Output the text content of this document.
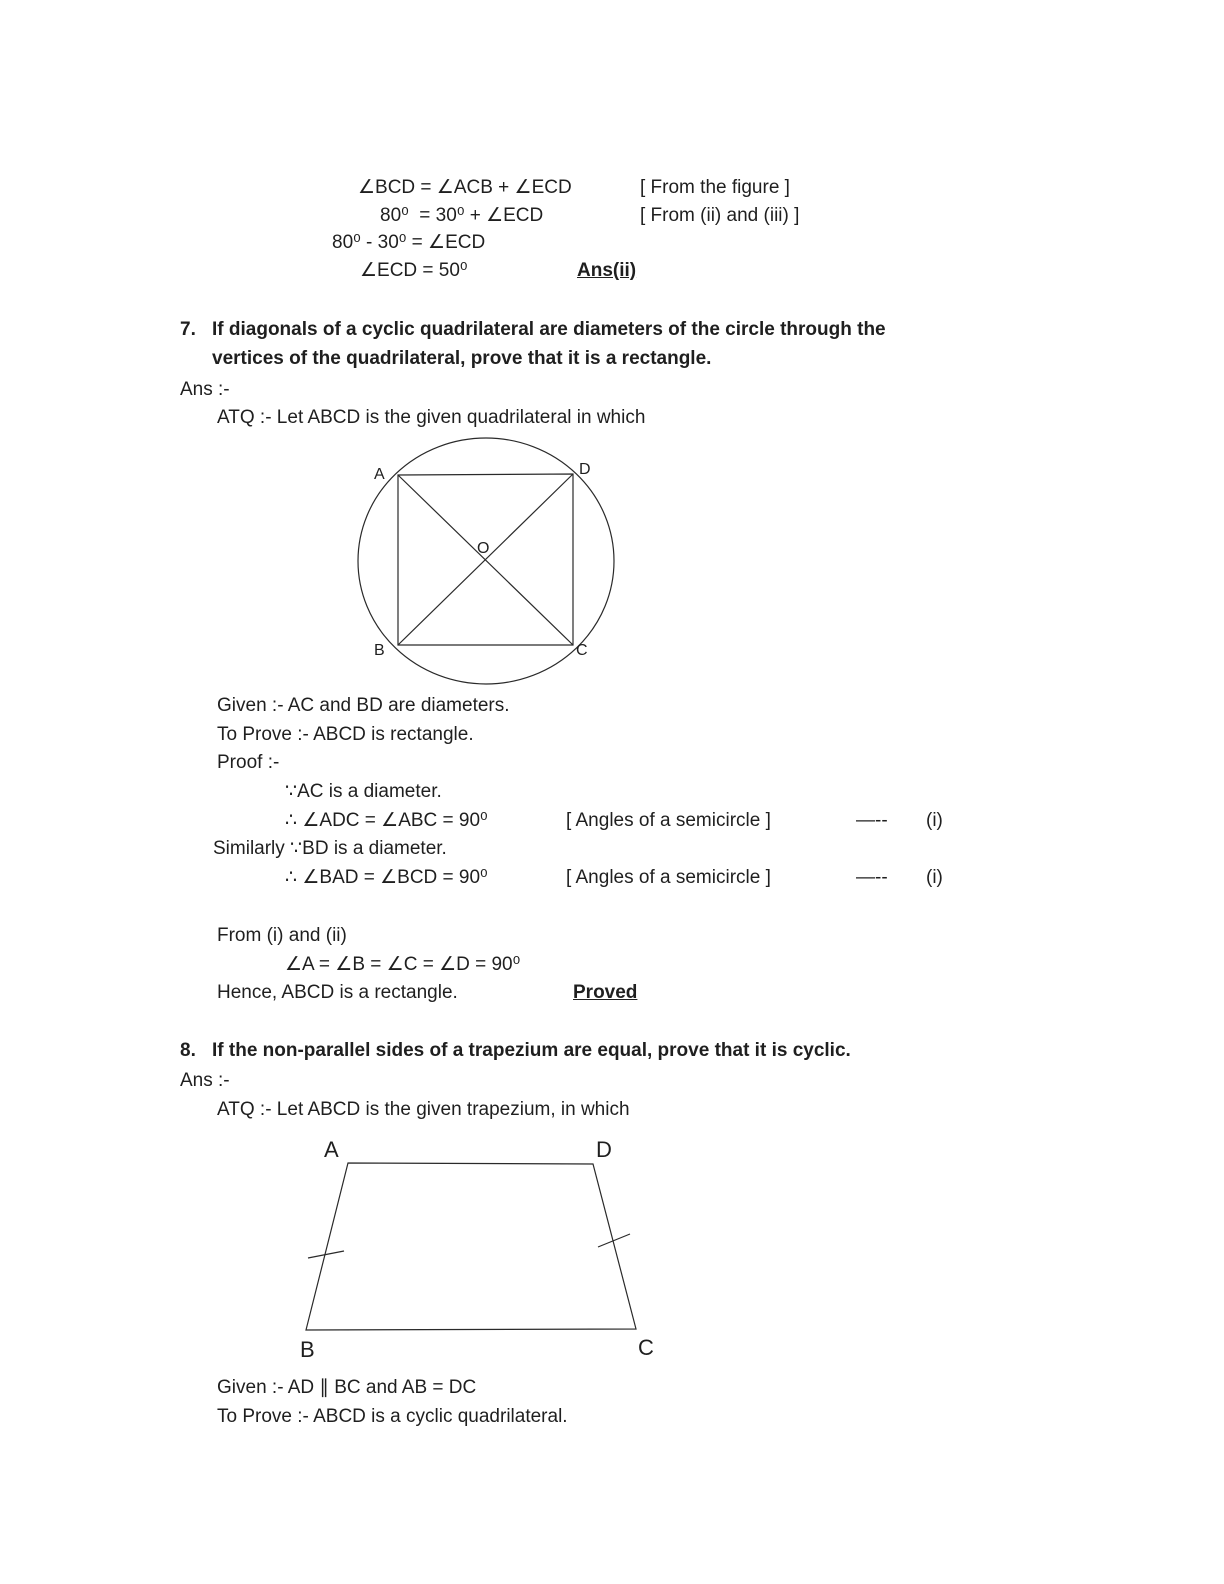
∠BCD = ∠ACB + ∠ECD	[ From the figure ]
80⁰  = 30⁰ + ∠ECD	[ From (ii) and (iii) ]
80⁰ - 30⁰ = ∠ECD
∠ECD = 50⁰	Ans(ii)
7. If diagonals of a cyclic quadrilateral are diameters of the circle through the
vertices of the quadrilateral, prove that it is a rectangle.
Ans :-
ATQ :- Let ABCD is the given quadrilateral in which
A	D
B	C
O
Given :- AC and BD are diameters.
To Prove :- ABCD is rectangle.
Proof :-
∵AC is a diameter.
∴ ∠ADC = ∠ABC = 90⁰	[ Angles of a semicircle ]	—-- (i)
Similarly ∵BD is a diameter.
∴ ∠BAD = ∠BCD = 90⁰	[ Angles of a semicircle ]	—-- (i)
From (i) and (ii)
∠A = ∠B = ∠C = ∠D = 90⁰
Hence, ABCD is a rectangle.	Proved
8. If the non-parallel sides of a trapezium are equal, prove that it is cyclic.
Ans :-
ATQ :- Let ABCD is the given trapezium, in which
A	D
B	C
Given :- AD ∥ BC and AB = DC
To Prove :- ABCD is a cyclic quadrilateral.
